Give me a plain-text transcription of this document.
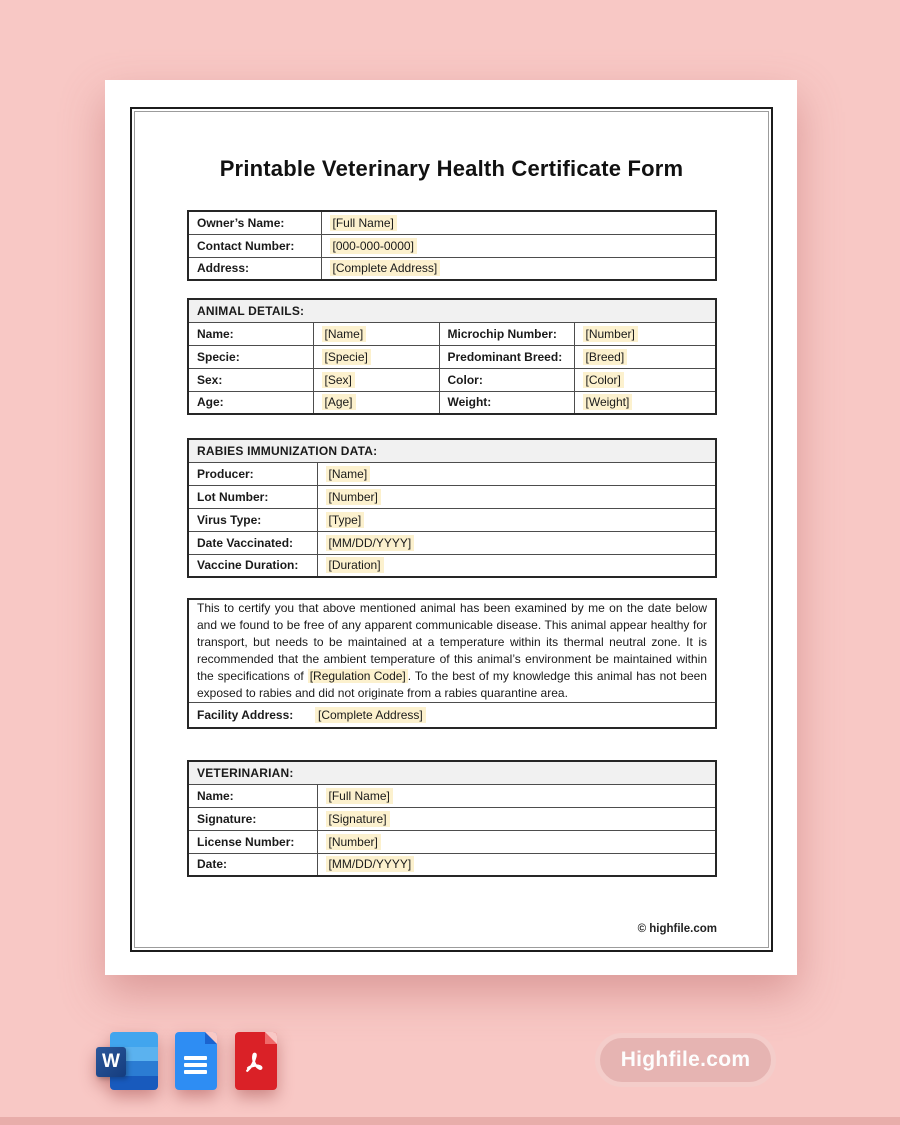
Printable Veterinary Health Certificate Form
Owner’s Name:	[Full Name]
Contact Number:	[000-000-0000]
Address:	[Complete Address]
ANIMAL DETAILS:			
Name:	[Name]	Microchip Number:	[Number]
Specie:	[Specie]	Predominant Breed:	[Breed]
Sex:	[Sex]	Color:	[Color]
Age:	[Age]	Weight:	[Weight]
RABIES IMMUNIZATION DATA:	
Producer:	[Name]
Lot Number:	[Number]
Virus Type:	[Type]
Date Vaccinated:	[MM/DD/YYYY]
Vaccine Duration:	[Duration]
This to certify you that above mentioned animal has been examined by me on the date below and we found to be free of any apparent communicable disease. This animal appear healthy for transport, but needs to be maintained at a temperature within its thermal neutral zone. It is recommended that the ambient temperature of this animal’s environment be maintained within the specifications of [Regulation Code] . To the best of my knowledge this animal has not been exposed to rabies and did not originate from a rabies quarantine area.
Facility Address: [Complete Address]
VETERINARIAN:	
Name:	[Full Name]
Signature:	[Signature]
License Number:	[Number]
Date:	[MM/DD/YYYY]
© highfile.com
W	Highfile.com
